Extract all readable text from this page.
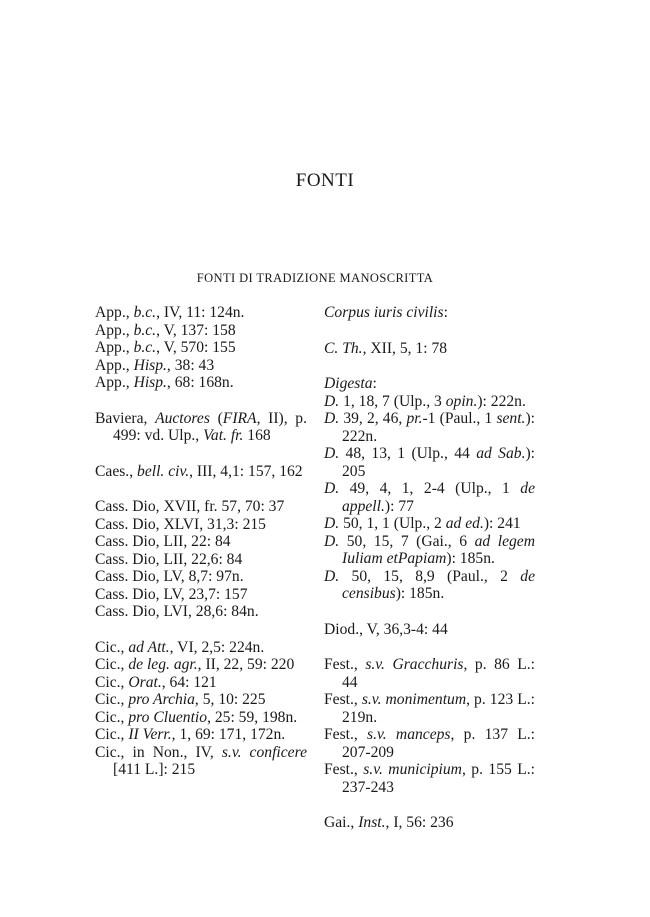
FONTI
FONTI DI TRADIZIONE MANOSCRITTA
App., b.c., IV, 11: 124n.
App., b.c., V, 137: 158
App., b.c., V, 570: 155
App., Hisp., 38: 43
App., Hisp., 68: 168n.
Baviera, Auctores (FIRA, II), p. 499: vd. Ulp., Vat. fr. 168
Caes., bell. civ., III, 4,1: 157, 162
Cass. Dio, XVII, fr. 57, 70: 37
Cass. Dio, XLVI, 31,3: 215
Cass. Dio, LII, 22: 84
Cass. Dio, LII, 22,6: 84
Cass. Dio, LV, 8,7: 97n.
Cass. Dio, LV, 23,7: 157
Cass. Dio, LVI, 28,6: 84n.
Cic., ad Att., VI, 2,5: 224n.
Cic., de leg. agr., II, 22, 59: 220
Cic., Orat., 64: 121
Cic., pro Archia, 5, 10: 225
Cic., pro Cluentio, 25: 59, 198n.
Cic., II Verr., 1, 69: 171, 172n.
Cic., in Non., IV, s.v. conficere [411 L.]: 215
Corpus iuris civilis:
C. Th., XII, 5, 1: 78
Digesta:
D. 1, 18, 7 (Ulp., 3 opin.): 222n.
D. 39, 2, 46, pr.-1 (Paul., 1 sent.): 222n.
D. 48, 13, 1 (Ulp., 44 ad Sab.): 205
D. 49, 4, 1, 2-4 (Ulp., 1 de appell.): 77
D. 50, 1, 1 (Ulp., 2 ad ed.): 241
D. 50, 15, 7 (Gai., 6 ad legem Iuliam etPapiam): 185n.
D. 50, 15, 8,9 (Paul., 2 de censibus): 185n.
Diod., V, 36,3-4: 44
Fest., s.v. Gracchuris, p. 86 L.: 44
Fest., s.v. monimentum, p. 123 L.: 219n.
Fest., s.v. manceps, p. 137 L.: 207-209
Fest., s.v. municipium, p. 155 L.: 237-243
Gai., Inst., I, 56: 236
